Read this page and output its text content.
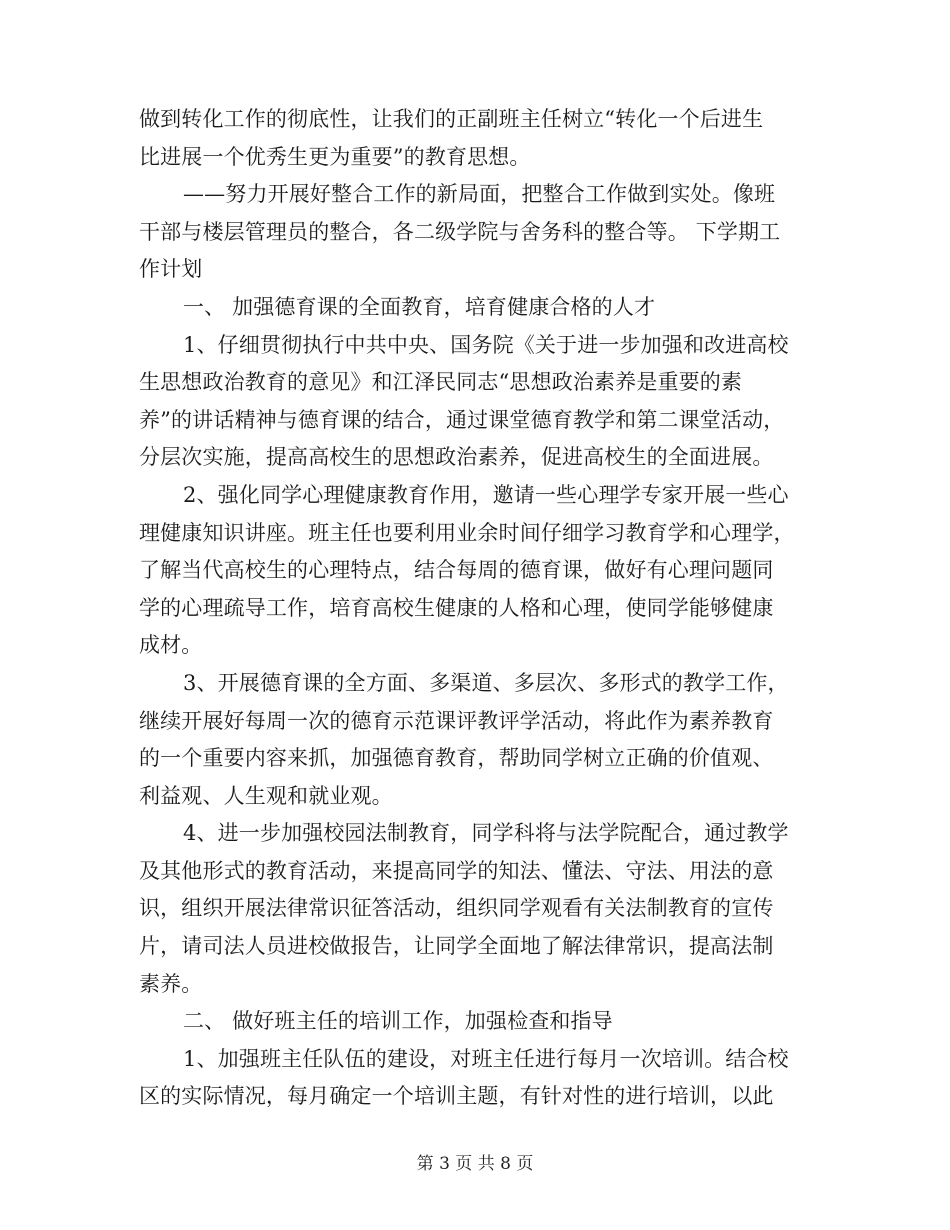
做到转化工作的彻底性，让我们的正副班主任树立“转化一个后进生
比进展一个优秀生更为重要”的教育思想。
——努力开展好整合工作的新局面，把整合工作做到实处。像班
干部与楼层管理员的整合，各二级学院与舍务科的整合等。 下学期工
作计划
一、 加强德育课的全面教育，培育健康合格的人才
1、仔细贯彻执行中共中央、国务院《关于进一步加强和改进高校
生思想政治教育的意见》和江泽民同志“思想政治素养是重要的素
养”的讲话精神与德育课的结合，通过课堂德育教学和第二课堂活动，
分层次实施，提高高校生的思想政治素养，促进高校生的全面进展。
2、强化同学心理健康教育作用，邀请一些心理学专家开展一些心
理健康知识讲座。班主任也要利用业余时间仔细学习教育学和心理学，
了解当代高校生的心理特点，结合每周的德育课，做好有心理问题同
学的心理疏导工作，培育高校生健康的人格和心理，使同学能够健康
成材。
3、开展德育课的全方面、多渠道、多层次、多形式的教学工作，
继续开展好每周一次的德育示范课评教评学活动，将此作为素养教育
的一个重要内容来抓，加强德育教育，帮助同学树立正确的价值观、
利益观、人生观和就业观。
4、进一步加强校园法制教育，同学科将与法学院配合，通过教学
及其他形式的教育活动，来提高同学的知法、懂法、守法、用法的意
识，组织开展法律常识征答活动，组织同学观看有关法制教育的宣传
片，请司法人员进校做报告，让同学全面地了解法律常识，提高法制
素养。
二、 做好班主任的培训工作，加强检查和指导
1、加强班主任队伍的建设，对班主任进行每月一次培训。结合校
区的实际情况，每月确定一个培训主题，有针对性的进行培训，以此
第 3 页 共 8 页
